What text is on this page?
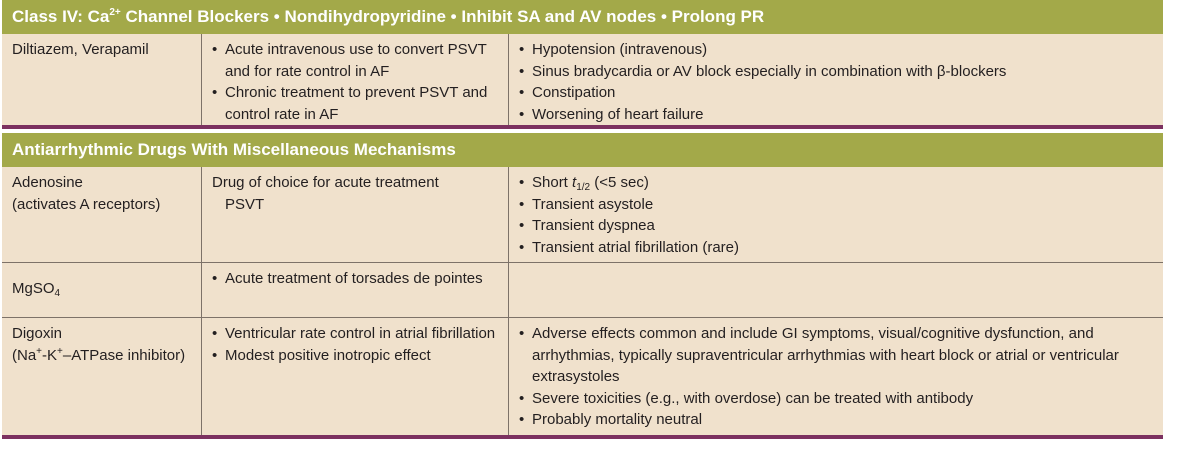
Class IV: $Ca^{2+}$ Channel Blockers • Nondihydropyridine • Inhibit SA and AV nodes • Prolong PR
Diltiazem, Verapamil
•	Acute intravenous use to convert PSVT and for rate control in AF
• Chronic treatment to prevent PSVT and control rate in AF
• Hypotension (intravenous)
• Sinus bradycardia or AV block especially in combination with β-blockers
• Constipation
• Worsening of heart failure
Antiarrhythmic Drugs With Miscellaneous Mechanisms
Adenosine
(activates A receptors)
Drug of choice for acute treatment
PSVT
• Short $t_{1/2}$ (<5 sec)
• Transient asystole
• Transient dyspnea
• Transient atrial fibrillation (rare)
MgSO$_4$
• Acute treatment of torsades de pointes
Digoxin
(Na+-K+–ATPase inhibitor)
• Ventricular rate control in atrial fibrillation
• Modest positive inotropic effect
• Adverse effects common and include GI symptoms, visual/cognitive dysfunction, and arrhythmias, typically supraventricular arrhythmias with heart block or atrial or ventricular extrasystoles
• Severe toxicities (e.g., with overdose) can be treated with antibody
• Probably mortality neutral
